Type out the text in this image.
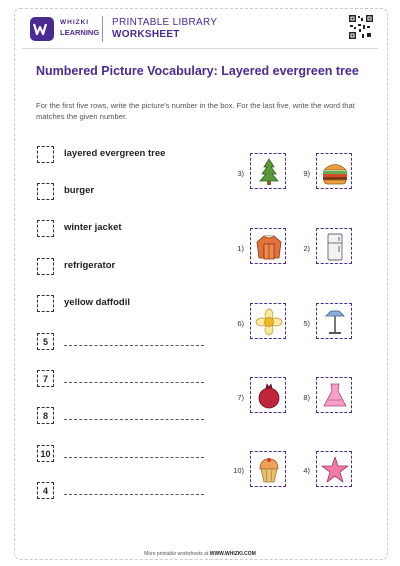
WHIZKI
LEARNING
PRINTABLE LIBRARY
WORKSHEET
Numbered Picture Vocabulary: Layered evergreen tree
For the first five rows, write the picture's number in the box. For the last five, write the word that matches the given number.
layered evergreen tree
burger
winter jacket
refrigerator
yellow daffodil
5
7
8
10
4
3)	9)
1)	2)
6)	5)
7)	8)
10)	4)
More printable worksheets at WWW.WHIZKI.COM
